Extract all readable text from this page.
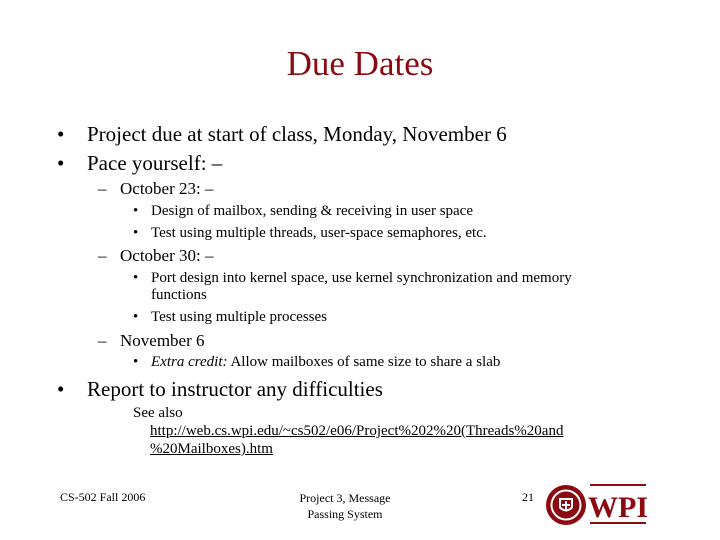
Due Dates
• Project due at start of class, Monday, November 6
• Pace yourself: –
– October 23: –
• Design of mailbox, sending & receiving in user space
• Test using multiple threads, user-space semaphores, etc.
– October 30: –
• Port design into kernel space, use kernel synchronization and memory
functions
• Test using multiple processes
– November 6
• Extra credit: Allow mailboxes of same size to share a slab
• Report to instructor any difficulties
See also
http://web.cs.wpi.edu/~cs502/e06/Project%202%20(Threads%20and
%20Mailboxes).htm
CS-502 Fall 2006	Project 3, Message
Passing System
21 WPI
